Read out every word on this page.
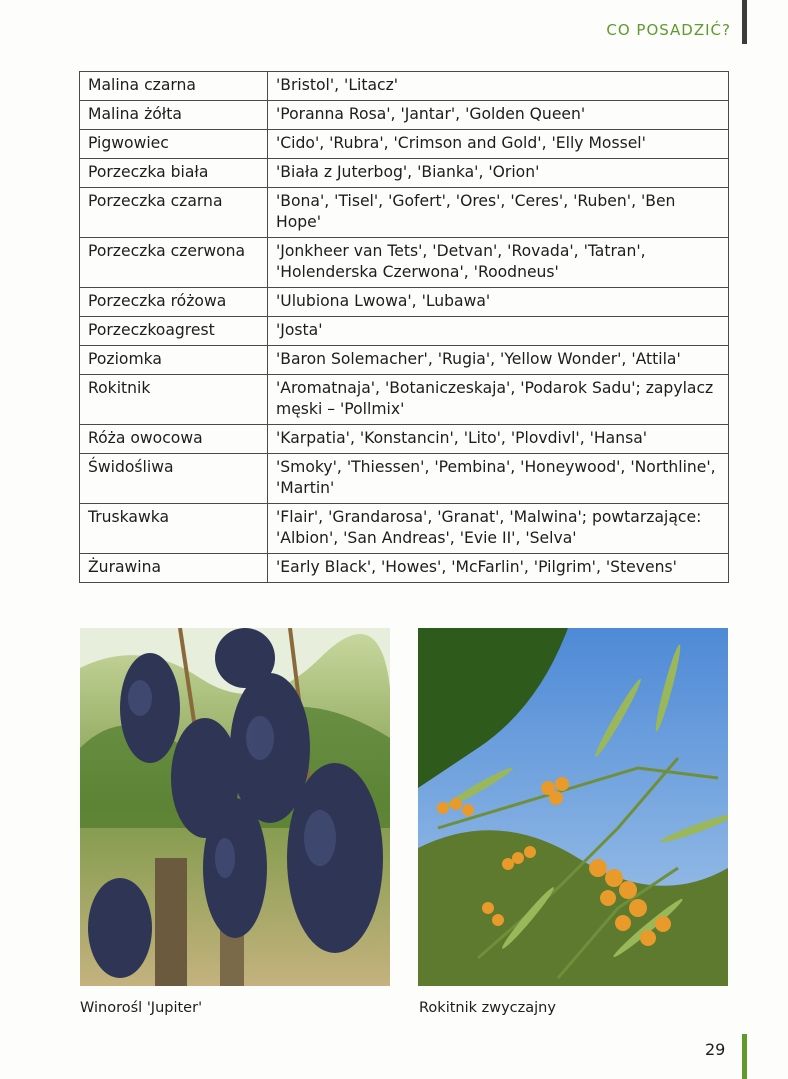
CO POSADZIĆ?
Malina czarna	'Bristol', 'Litacz'
Malina żółta	'Poranna Rosa', 'Jantar', 'Golden Queen'
Pigwowiec	'Cido', 'Rubra', 'Crimson and Gold', 'Elly Mossel'
Porzeczka biała	'Biała z Juterbog', 'Bianka', 'Orion'
Porzeczka czarna	'Bona', 'Tisel', 'Gofert', 'Ores', 'Ceres', 'Ruben', 'Ben Hope'
Porzeczka czerwona	'Jonkheer van Tets', 'Detvan', 'Rovada', 'Tatran', 'Holenderska Czerwona', 'Roodneus'
Porzeczka różowa	'Ulubiona Lwowa', 'Lubawa'
Porzeczkoagrest	'Josta'
Poziomka	'Baron Solemacher', 'Rugia', 'Yellow Wonder', 'Attila'
Rokitnik	'Aromatnaja', 'Botaniczeskaja', 'Podarok Sadu'; zapylacz męski – 'Pollmix'
Róża owocowa	'Karpatia', 'Konstancin', 'Lito', 'Plovdivl', 'Hansa'
Świdośliwa	'Smoky', 'Thiessen', 'Pembina', 'Honeywood', 'Northline', 'Martin'
Truskawka	'Flair', 'Grandarosa', 'Granat', 'Malwina'; powtarzające: 'Albion', 'San Andreas', 'Evie II', 'Selva'
Żurawina	'Early Black', 'Howes', 'McFarlin', 'Pilgrim', 'Stevens'
Winorośl 'Jupiter'	Rokitnik zwyczajny
29
